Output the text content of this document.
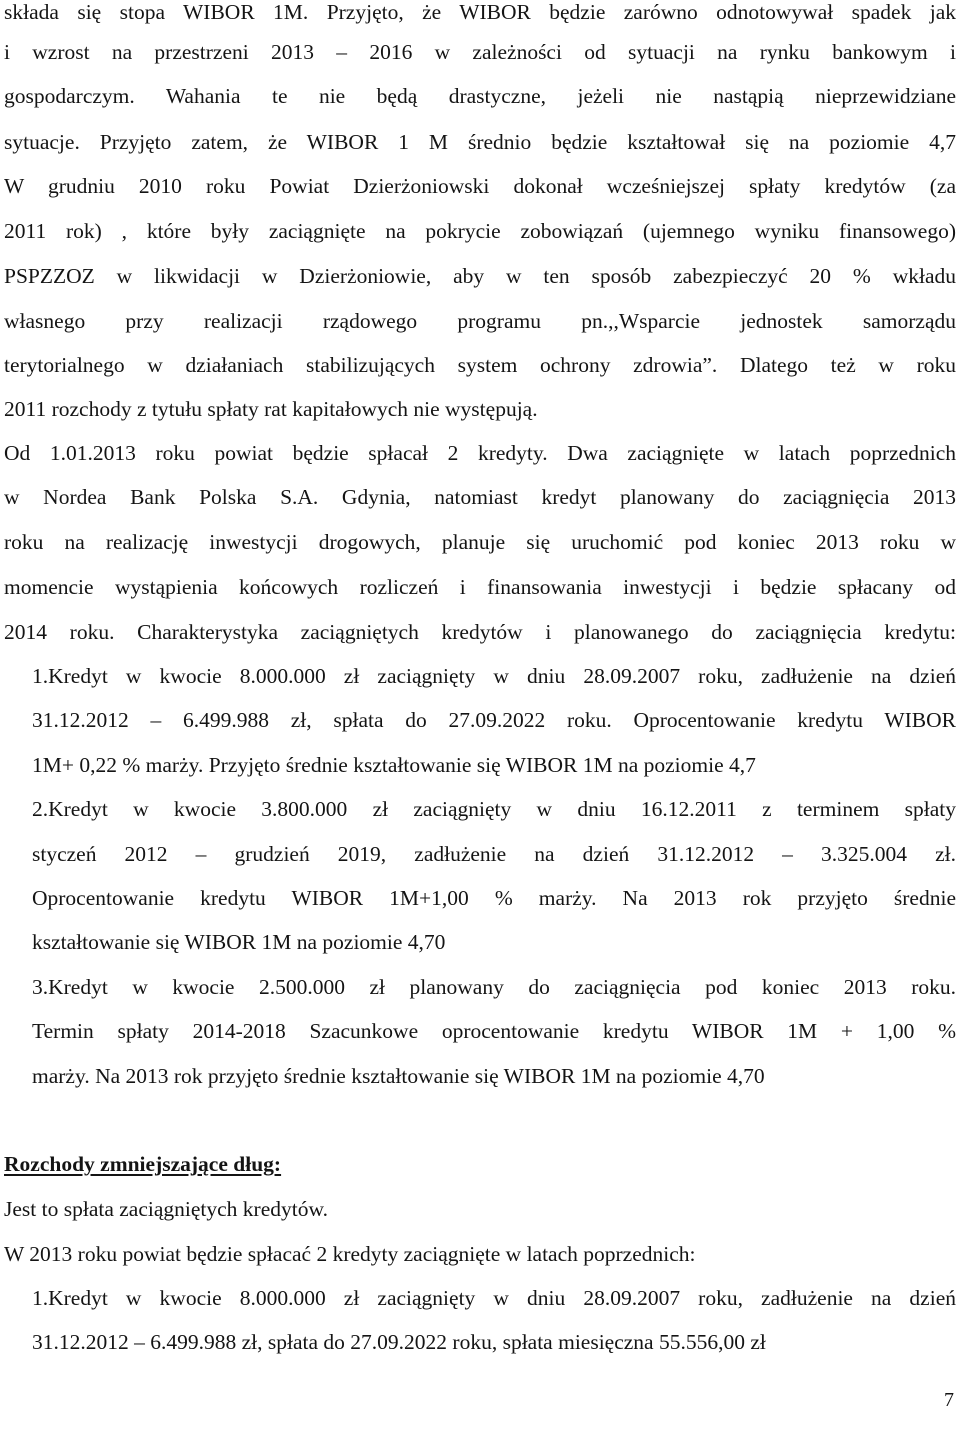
składa się stopa WIBOR 1M. Przyjęto, że WIBOR będzie zarówno odnotowywał spadek jak
i wzrost na przestrzeni 2013 – 2016 w zależności od sytuacji na rynku bankowym i
gospodarczym. Wahania te nie będą drastyczne, jeżeli nie nastąpią nieprzewidziane
sytuacje. Przyjęto zatem, że WIBOR 1 M średnio będzie kształtował się na poziomie 4,7
W grudniu 2010 roku Powiat Dzierżoniowski dokonał wcześniejszej spłaty kredytów (za
2011 rok) , które były zaciągnięte na pokrycie zobowiązań (ujemnego wyniku finansowego)
PSPZZOZ w likwidacji w Dzierżoniowie, aby w ten sposób zabezpieczyć 20 % wkładu
własnego przy realizacji rządowego programu pn.,,Wsparcie jednostek samorządu
terytorialnego w działaniach stabilizujących system ochrony zdrowia”. Dlatego też w roku
2011 rozchody z tytułu spłaty rat kapitałowych nie występują.
Od 1.01.2013 roku powiat będzie spłacał 2 kredyty. Dwa zaciągnięte w latach poprzednich
w Nordea Bank Polska S.A. Gdynia, natomiast kredyt planowany do zaciągnięcia 2013
roku na realizację inwestycji drogowych, planuje się uruchomić pod koniec 2013 roku w
momencie wystąpienia końcowych rozliczeń i finansowania inwestycji i będzie spłacany od
2014 roku. Charakterystyka zaciągniętych kredytów i planowanego do zaciągnięcia kredytu:
1.Kredyt w kwocie 8.000.000 zł zaciągnięty w dniu 28.09.2007 roku, zadłużenie na dzień
31.12.2012 – 6.499.988 zł, spłata do 27.09.2022 roku. Oprocentowanie kredytu WIBOR
1M+ 0,22 % marży. Przyjęto średnie kształtowanie się WIBOR 1M na poziomie 4,7
2.Kredyt w kwocie 3.800.000 zł zaciągnięty w dniu 16.12.2011 z terminem spłaty
styczeń 2012 – grudzień 2019, zadłużenie na dzień 31.12.2012 – 3.325.004 zł.
Oprocentowanie kredytu WIBOR 1M+1,00 % marży. Na 2013 rok przyjęto średnie
kształtowanie się WIBOR 1M na poziomie 4,70
3.Kredyt w kwocie 2.500.000 zł planowany do zaciągnięcia pod koniec 2013 roku.
Termin spłaty 2014-2018 Szacunkowe oprocentowanie kredytu WIBOR 1M + 1,00 %
marży. Na 2013 rok przyjęto średnie kształtowanie się WIBOR 1M na poziomie 4,70
Rozchody zmniejszające dług:
Jest to spłata zaciągniętych kredytów.
W 2013 roku powiat będzie spłacać 2 kredyty zaciągnięte w latach poprzednich:
1.Kredyt w kwocie 8.000.000 zł zaciągnięty w dniu 28.09.2007 roku, zadłużenie na dzień
31.12.2012 – 6.499.988 zł, spłata do 27.09.2022 roku, spłata miesięczna 55.556,00 zł
7
